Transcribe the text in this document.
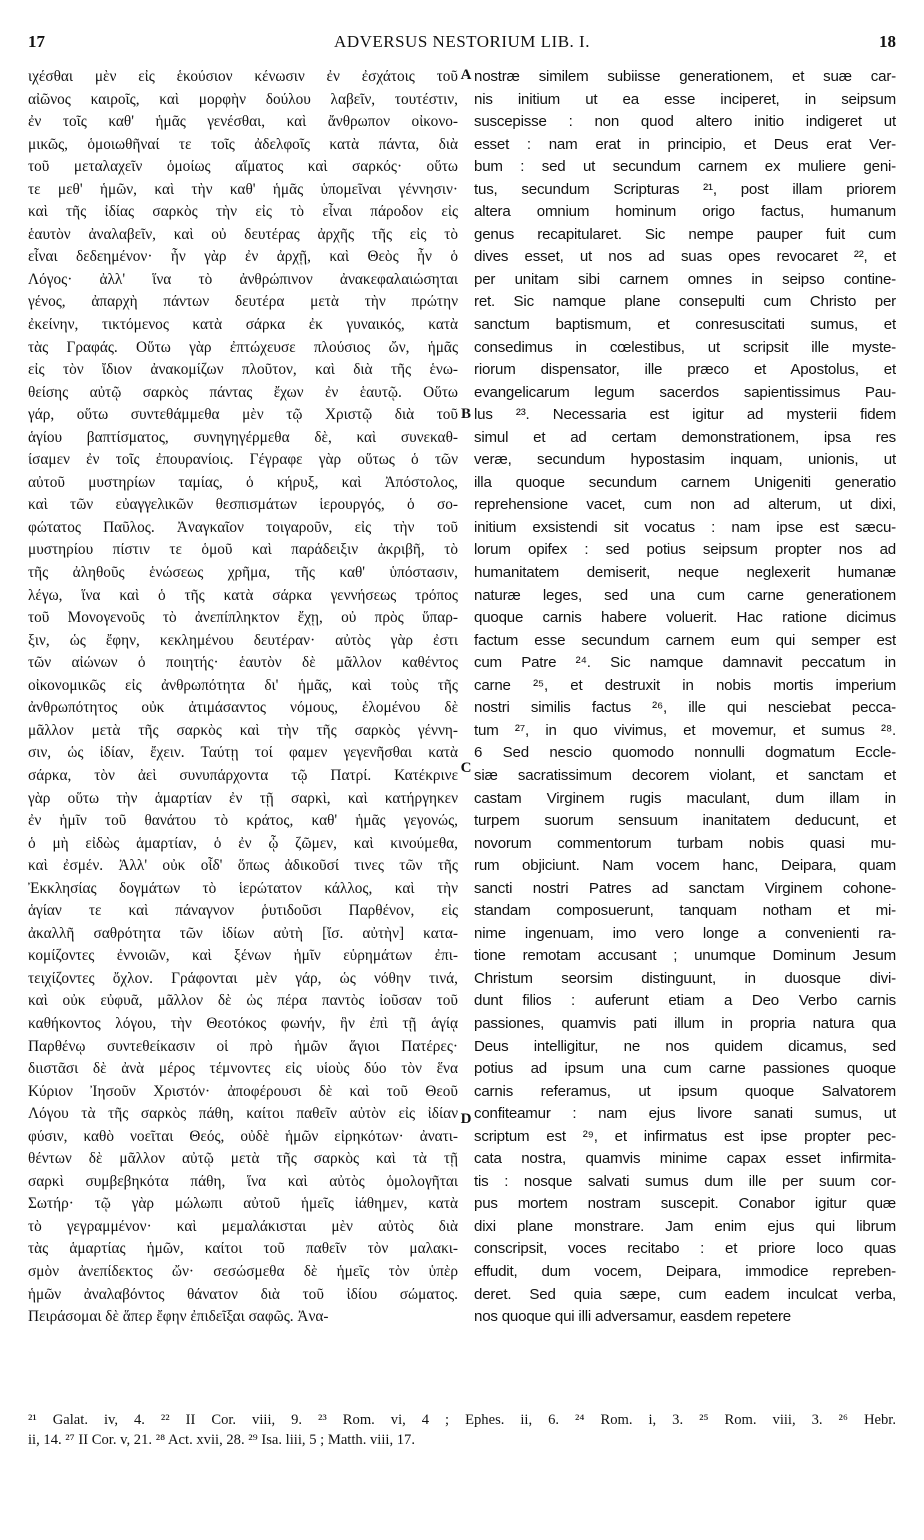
17	ADVERSUS NESTORIUM LIB. I.	18
ιχέσθαι μὲν εἰς ἑκούσιον κένωσιν ἐν ἐσχάτοις τοῦ
αἰῶνος καιροῖς, καὶ μορφὴν δούλου λαβεῖν, τουτέστιν,
ἐν τοῖς καθ' ἡμᾶς γενέσθαι, καὶ ἄνθρωπον οἰκονο-
μικῶς, ὁμοιωθῆναί τε τοῖς ἀδελφοῖς κατὰ πάντα, διὰ
τοῦ μεταλαχεῖν ὁμοίως αἵματος καὶ σαρκός· οὕτω
τε μεθ' ἡμῶν, καὶ τὴν καθ' ἡμᾶς ὑπομεῖναι γέννησιν·
καὶ τῆς ἰδίας σαρκὸς τὴν εἰς τὸ εἶναι πάροδον εἰς
ἑαυτὸν ἀναλαβεῖν, καὶ οὐ δευτέρας ἀρχῆς τῆς εἰς τὸ
εἶναι δεδεημένον· ἦν γὰρ ἐν ἀρχῇ, καὶ Θεὸς ἦν ὁ
Λόγος· ἀλλ' ἵνα τὸ ἀνθρώπινον ἀνακεφαλαιώσηται
γένος, ἀπαρχὴ πάντων δευτέρα μετὰ τὴν πρώτην
ἐκείνην, τικτόμενος κατὰ σάρκα ἐκ γυναικός, κατὰ
τὰς Γραφάς. Οὕτω γὰρ ἐπτώχευσε πλούσιος ὤν, ἡμᾶς
εἰς τὸν ἴδιον ἀνακομίζων πλοῦτον, καὶ διὰ τῆς ἑνω-
θείσης αὐτῷ σαρκὸς πάντας ἔχων ἐν ἑαυτῷ. Οὕτω
γάρ, οὕτω συντεθάμμεθα μὲν τῷ Χριστῷ διὰ τοῦ
ἁγίου βαπτίσματος, συνηγηγέρμεθα δὲ, καὶ συνεκαθ-
ίσαμεν ἐν τοῖς ἐπουρανίοις. Γέγραφε γὰρ οὕτως ὁ τῶν
αὐτοῦ μυστηρίων ταμίας, ὁ κήρυξ, καὶ Ἀπόστολος,
καὶ τῶν εὐαγγελικῶν θεσπισμάτων ἱερουργός, ὁ σο-
φώτατος Παῦλος. Ἀναγκαῖον τοιγαροῦν, εἰς τὴν τοῦ
μυστηρίου πίστιν τε ὁμοῦ καὶ παράδειξιν ἀκριβῆ, τὸ
τῆς ἀληθοῦς ἑνώσεως χρῆμα, τῆς καθ' ὑπόστασιν,
λέγω, ἵνα καὶ ὁ τῆς κατὰ σάρκα γεννήσεως τρόπος
τοῦ Μονογενοῦς τὸ ἀνεπίπληκτον ἔχῃ, οὐ πρὸς ὕπαρ-
ξιν, ὡς ἔφην, κεκλημένου δευτέραν· αὐτὸς γὰρ ἐστι
τῶν αἰώνων ὁ ποιητής· ἑαυτὸν δὲ μᾶλλον καθέντος
οἰκονομικῶς εἰς ἀνθρωπότητα δι' ἡμᾶς, καὶ τοὺς τῆς
ἀνθρωπότητος οὐκ ἀτιμάσαντος νόμους, ἑλομένου δὲ
μᾶλλον μετὰ τῆς σαρκὸς καὶ τὴν τῆς σαρκὸς γέννη-
σιν, ὡς ἰδίαν, ἔχειν. Ταύτῃ τοί φαμεν γεγενῆσθαι κατὰ
σάρκα, τὸν ἀεὶ συνυπάρχοντα τῷ Πατρί. Κατέκρινε
γὰρ οὕτω τὴν ἁμαρτίαν ἐν τῇ σαρκὶ, καὶ κατήργηκεν
ἐν ἡμῖν τοῦ θανάτου τὸ κράτος, καθ' ἡμᾶς γεγονώς,
ὁ μὴ εἰδὼς ἁμαρτίαν, ὁ ἐν ᾧ ζῶμεν, καὶ κινούμεθα,
καὶ ἐσμέν. Ἀλλ' οὐκ οἶδ' ὅπως ἀδικοῦσί τινες τῶν τῆς
Ἐκκλησίας δογμάτων τὸ ἱερώτατον κάλλος, καὶ τὴν
ἁγίαν τε καὶ πάναγνον ῥυτιδοῦσι Παρθένον, εἰς
ἀκαλλῆ σαθρότητα τῶν ἰδίων αὐτὴ [ἴσ. αὐτὴν] κατα-
κομίζοντες ἐννοιῶν, καὶ ξένων ἡμῖν εὑρημάτων ἐπι-
τειχίζοντες ὄχλον. Γράφονται μὲν γάρ, ὡς νόθην τινά,
καὶ οὐκ εὐφυᾶ, μᾶλλον δὲ ὡς πέρα παντὸς ἰοῦσαν τοῦ
καθήκοντος λόγου, τὴν Θεοτόκος φωνήν, ἣν ἐπὶ τῇ ἁγίᾳ
Παρθένῳ συντεθείκασιν οἱ πρὸ ἡμῶν ἅγιοι Πατέρες·
διιστᾶσι δὲ ἀνὰ μέρος τέμνοντες εἰς υἱοὺς δύο τὸν ἕνα
Κύριον Ἰησοῦν Χριστόν· ἀποφέρουσι δὲ καὶ τοῦ Θεοῦ
Λόγου τὰ τῆς σαρκὸς πάθη, καίτοι παθεῖν αὐτὸν εἰς ἰδίαν
φύσιν, καθὸ νοεῖται Θεός, οὐδὲ ἡμῶν εἰρηκότων· ἀνατι-
θέντων δὲ μᾶλλον αὐτῷ μετὰ τῆς σαρκὸς καὶ τὰ τῇ
σαρκὶ συμβεβηκότα πάθη, ἵνα καὶ αὐτὸς ὁμολογῆται
Σωτήρ· τῷ γὰρ μώλωπι αὐτοῦ ἡμεῖς ἰάθημεν, κατὰ
τὸ γεγραμμένον· καὶ μεμαλάκισται μὲν αὐτὸς διὰ
τὰς ἁμαρτίας ἡμῶν, καίτοι τοῦ παθεῖν τὸν μαλακι-
σμὸν ἀνεπίδεκτος ὤν· σεσώσμεθα δὲ ἡμεῖς τὸν ὑπὲρ
ἡμῶν ἀναλαβόντος θάνατον διὰ τοῦ ἰδίου σώματος.
Πειράσομαι δὲ ἅπερ ἔφην ἐπιδεῖξαι σαφῶς. Ἀνα-
nostræ similem subiisse generationem, et suæ car-
nis initium ut ea esse inciperet, in seipsum
suscepisse : non quod altero initio indigeret ut
esset : nam erat in principio, et Deus erat Ver-
bum : sed ut secundum carnem ex muliere geni-
tus, secundum Scripturas ²¹, post illam priorem
altera omnium hominum origo factus, humanum
genus recapitularet. Sic nempe pauper fuit cum
dives esset, ut nos ad suas opes revocaret ²², et
per unitam sibi carnem omnes in seipso contine-
ret. Sic namque plane consepulti cum Christo per
sanctum baptismum, et conresuscitati sumus, et
consedimus in cœlestibus, ut scripsit ille myste-
riorum dispensator, ille præco et Apostolus, et
evangelicarum legum sacerdos sapientissimus Pau-
lus ²³. Necessaria est igitur ad mysterii fidem
simul et ad certam demonstrationem, ipsa res
veræ, secundum hypostasim inquam, unionis, ut
illa quoque secundum carnem Unigeniti generatio
reprehensione vacet, cum non ad alterum, ut dixi,
initium exsistendi sit vocatus : nam ipse est sæcu-
lorum opifex : sed potius seipsum propter nos ad
humanitatem demiserit, neque neglexerit humanæ
naturæ leges, sed una cum carne generationem
quoque carnis habere voluerit. Hac ratione dicimus
factum esse secundum carnem eum qui semper est
cum Patre ²⁴. Sic namque damnavit peccatum in
carne ²⁵, et destruxit in nobis mortis imperium
nostri similis factus ²⁶, ille qui nesciebat pecca-
tum ²⁷, in quo vivimus, et movemur, et sumus ²⁸.
6 Sed nescio quomodo nonnulli dogmatum Eccle-
siæ sacratissimum decorem violant, et sanctam et
castam Virginem rugis maculant, dum illam in
turpem suorum sensuum inanitatem deducunt, et
novorum commentorum turbam nobis quasi mu-
rum objiciunt. Nam vocem hanc, Deipara, quam
sancti nostri Patres ad sanctam Virginem cohone-
standam composuerunt, tanquam notham et mi-
nime ingenuam, imo vero longe a convenienti ra-
tione remotam accusant ; unumque Dominum Jesum
Christum seorsim distinguunt, in duosque divi-
dunt filios : auferunt etiam a Deo Verbo carnis
passiones, quamvis pati illum in propria natura qua
Deus intelligitur, ne nos quidem dicamus, sed
potius ad ipsum una cum carne passiones quoque
carnis referamus, ut ipsum quoque Salvatorem
confiteamur : nam ejus livore sanati sumus, ut
scriptum est ²⁹, et infirmatus est ipse propter pec-
cata nostra, quamvis minime capax esset infirmita-
tis : nosque salvati sumus dum ille per suum cor-
pus mortem nostram suscepit. Conabor igitur quæ
dixi plane monstrare. Jam enim ejus qui librum
conscripsit, voces recitabo : et priore loco quas
effudit, dum vocem, Deipara, immodice repreben-
deret. Sed quia sæpe, cum eadem inculcat verba,
nos quoque qui illi adversamur, easdem repetere
A
B
C
D
²¹ Galat. iv, 4. ²² II Cor. viii, 9. ²³ Rom. vi, 4 ; Ephes. ii, 6. ²⁴ Rom. i, 3. ²⁵ Rom. viii, 3. ²⁶ Hebr.
ii, 14. ²⁷ II Cor. v, 21. ²⁸ Act. xvii, 28. ²⁹ Isa. liii, 5 ; Matth. viii, 17.
